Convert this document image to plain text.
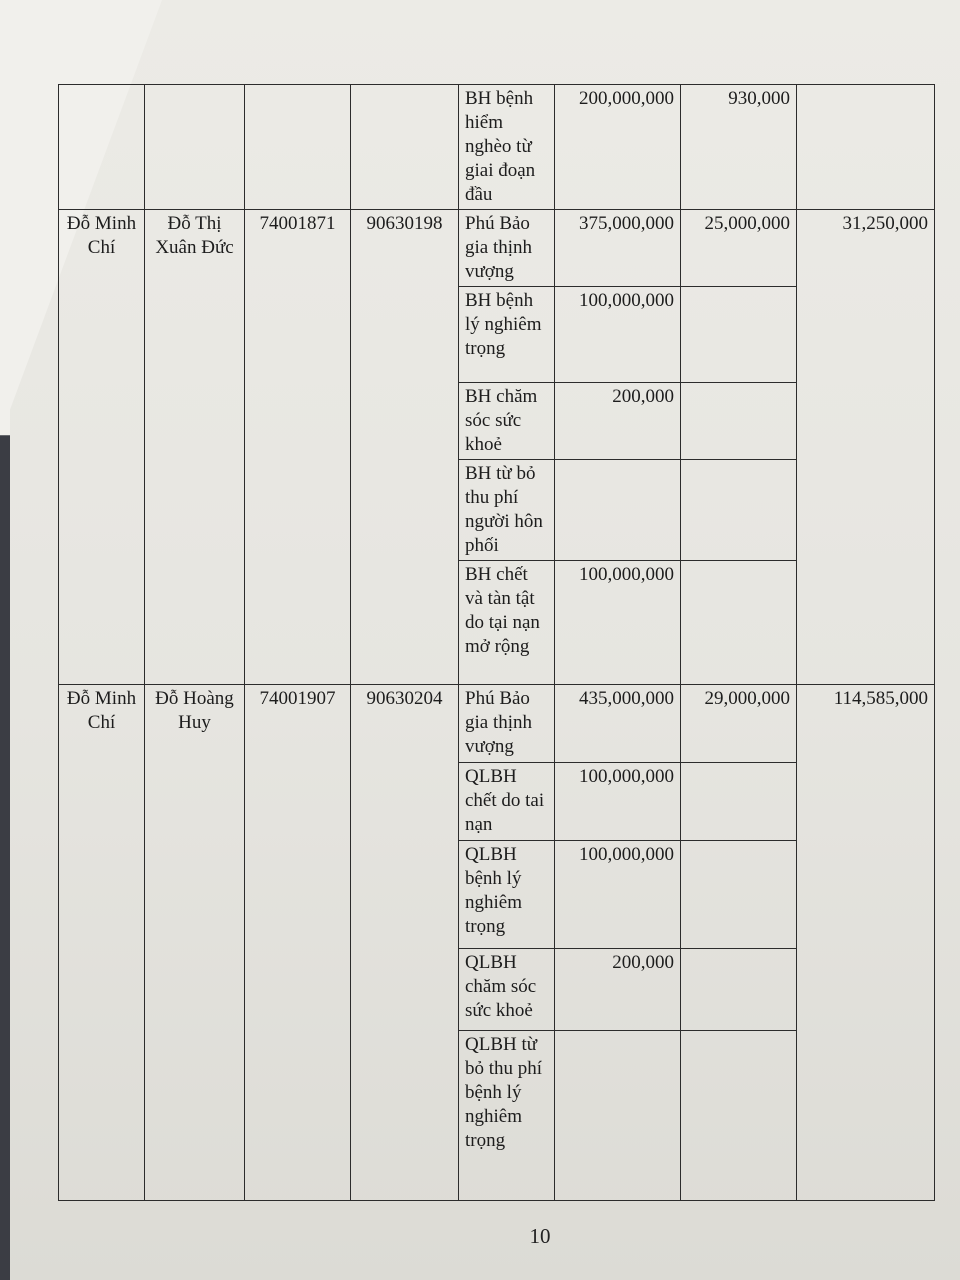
				BH bệnh hiểm nghèo từ giai đoạn đầu	200,000,000	930,000	
Đỗ Minh Chí	Đỗ Thị Xuân Đức	74001871	90630198	Phú Bảo gia thịnh vượng	375,000,000	25,000,000	31,250,000
				BH bệnh lý nghiêm trọng	100,000,000		
				BH chăm sóc sức khoẻ	200,000		
				BH từ bỏ thu phí người hôn phối			
				BH chết và tàn tật do tại nạn mở rộng	100,000,000		
Đỗ Minh Chí	Đỗ Hoàng Huy	74001907	90630204	Phú Bảo gia thịnh vượng	435,000,000	29,000,000	114,585,000
				QLBH chết do tai nạn	100,000,000		
				QLBH bệnh lý nghiêm trọng	100,000,000		
				QLBH chăm sóc sức khoẻ	200,000		
				QLBH từ bỏ thu phí bệnh lý nghiêm trọng			
10
